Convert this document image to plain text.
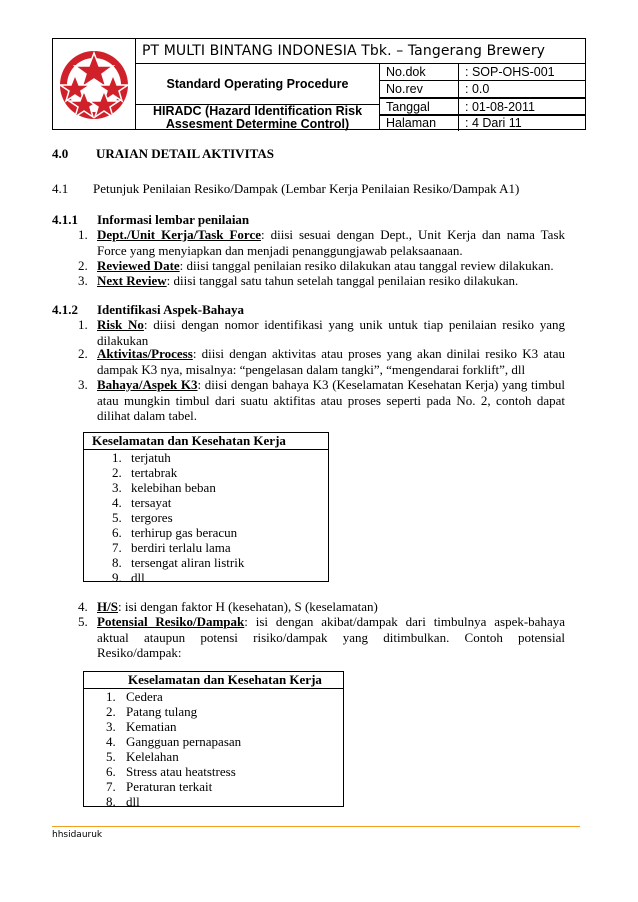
PT MULTI BINTANG INDONESIA Tbk. – Tangerang Brewery
Standard Operating Procedure
HIRADC (Hazard Identification Risk
Assesment Determine Control)
No.dok	: SOP-OHS-001
No.rev	: 0.0
Tanggal	: 01-08-2011
Halaman	: 4 Dari 11
4.0 URAIAN DETAIL AKTIVITAS
4.1 Petunjuk Penilaian Resiko/Dampak (Lembar Kerja Penilaian Resiko/Dampak A1)
4.1.1 Informasi lembar penilaian
1. Dept./Unit Kerja/Task Force: diisi sesuai dengan Dept., Unit Kerja dan nama Task
Force yang menyiapkan dan menjadi penanggungjawab pelaksaanaan.
2. Reviewed Date: diisi tanggal penilaian resiko dilakukan atau tanggal review dilakukan.
3. Next Review: diisi tanggal satu tahun setelah tanggal penilaian resiko dilakukan.
4.1.2 Identifikasi Aspek-Bahaya
1. Risk No: diisi dengan nomor identifikasi yang unik untuk tiap penilaian resiko yang
dilakukan
2. Aktivitas/Process: diisi dengan aktivitas atau proses yang akan dinilai resiko K3 atau
dampak K3 nya, misalnya: “pengelasan dalam tangki”, “mengendarai forklift”, dll
3. Bahaya/Aspek K3: diisi dengan bahaya K3 (Keselamatan Kesehatan Kerja) yang timbul
atau mungkin timbul dari suatu aktifitas atau proses seperti pada No. 2, contoh dapat
dilihat dalam tabel.
Keselamatan dan Kesehatan Kerja
1. terjatuh
2. tertabrak
3. kelebihan beban
4. tersayat
5. tergores
6. terhirup gas beracun
7. berdiri terlalu lama
8. tersengat aliran listrik
9. dll
4. H/S: isi dengan faktor H (kesehatan), S (keselamatan)
5. Potensial Resiko/Dampak: isi dengan akibat/dampak dari timbulnya aspek-bahaya
aktual ataupun potensi risiko/dampak yang ditimbulkan. Contoh potensial
Resiko/dampak:
Keselamatan dan Kesehatan Kerja
1. Cedera
2. Patang tulang
3. Kematian
4. Gangguan pernapasan
5. Kelelahan
6. Stress atau heatstress
7. Peraturan terkait
8. dll
hhsidauruk
